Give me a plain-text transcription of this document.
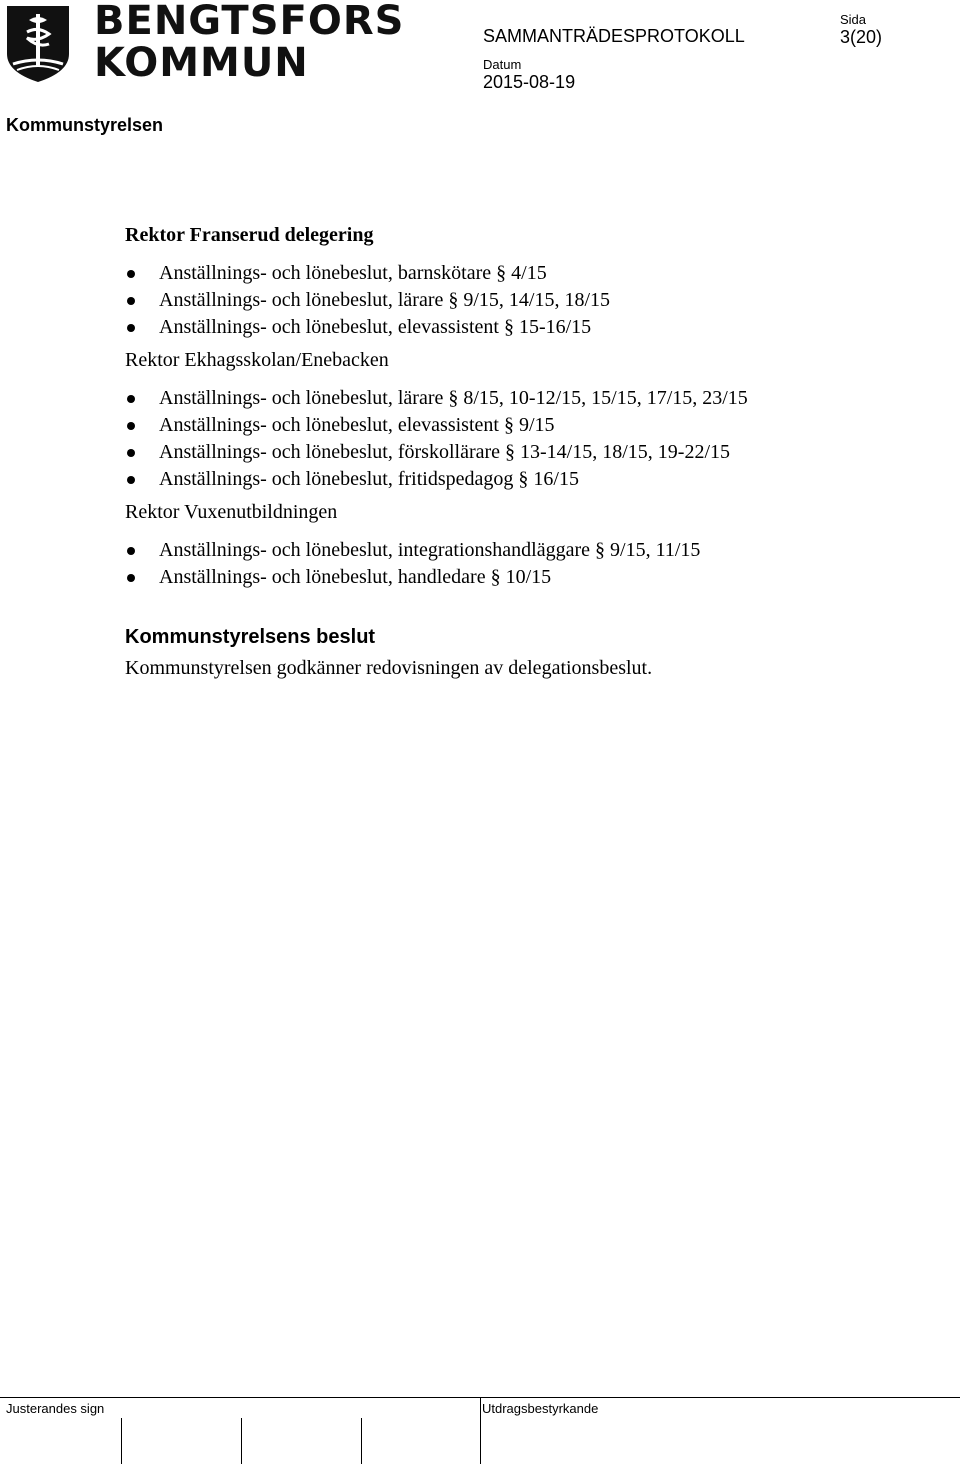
BENGTSFORS
KOMMUN
SAMMANTRÄDESPROTOKOLL
Sida
3(20)
Datum
2015-08-19
Kommunstyrelsen
Rektor Franserud delegering
Anställnings- och lönebeslut, barnskötare § 4/15
Anställnings- och lönebeslut, lärare § 9/15, 14/15, 18/15
Anställnings- och lönebeslut, elevassistent § 15-16/15
Rektor Ekhagsskolan/Enebacken
Anställnings- och lönebeslut, lärare § 8/15, 10-12/15, 15/15, 17/15, 23/15
Anställnings- och lönebeslut, elevassistent § 9/15
Anställnings- och lönebeslut, förskollärare § 13-14/15, 18/15, 19-22/15
Anställnings- och lönebeslut, fritidspedagog § 16/15
Rektor Vuxenutbildningen
Anställnings- och lönebeslut, integrationshandläggare § 9/15, 11/15
Anställnings- och lönebeslut, handledare § 10/15
Kommunstyrelsens beslut
Kommunstyrelsen godkänner redovisningen av delegationsbeslut.
Justerandes sign	Utdragsbestyrkande
